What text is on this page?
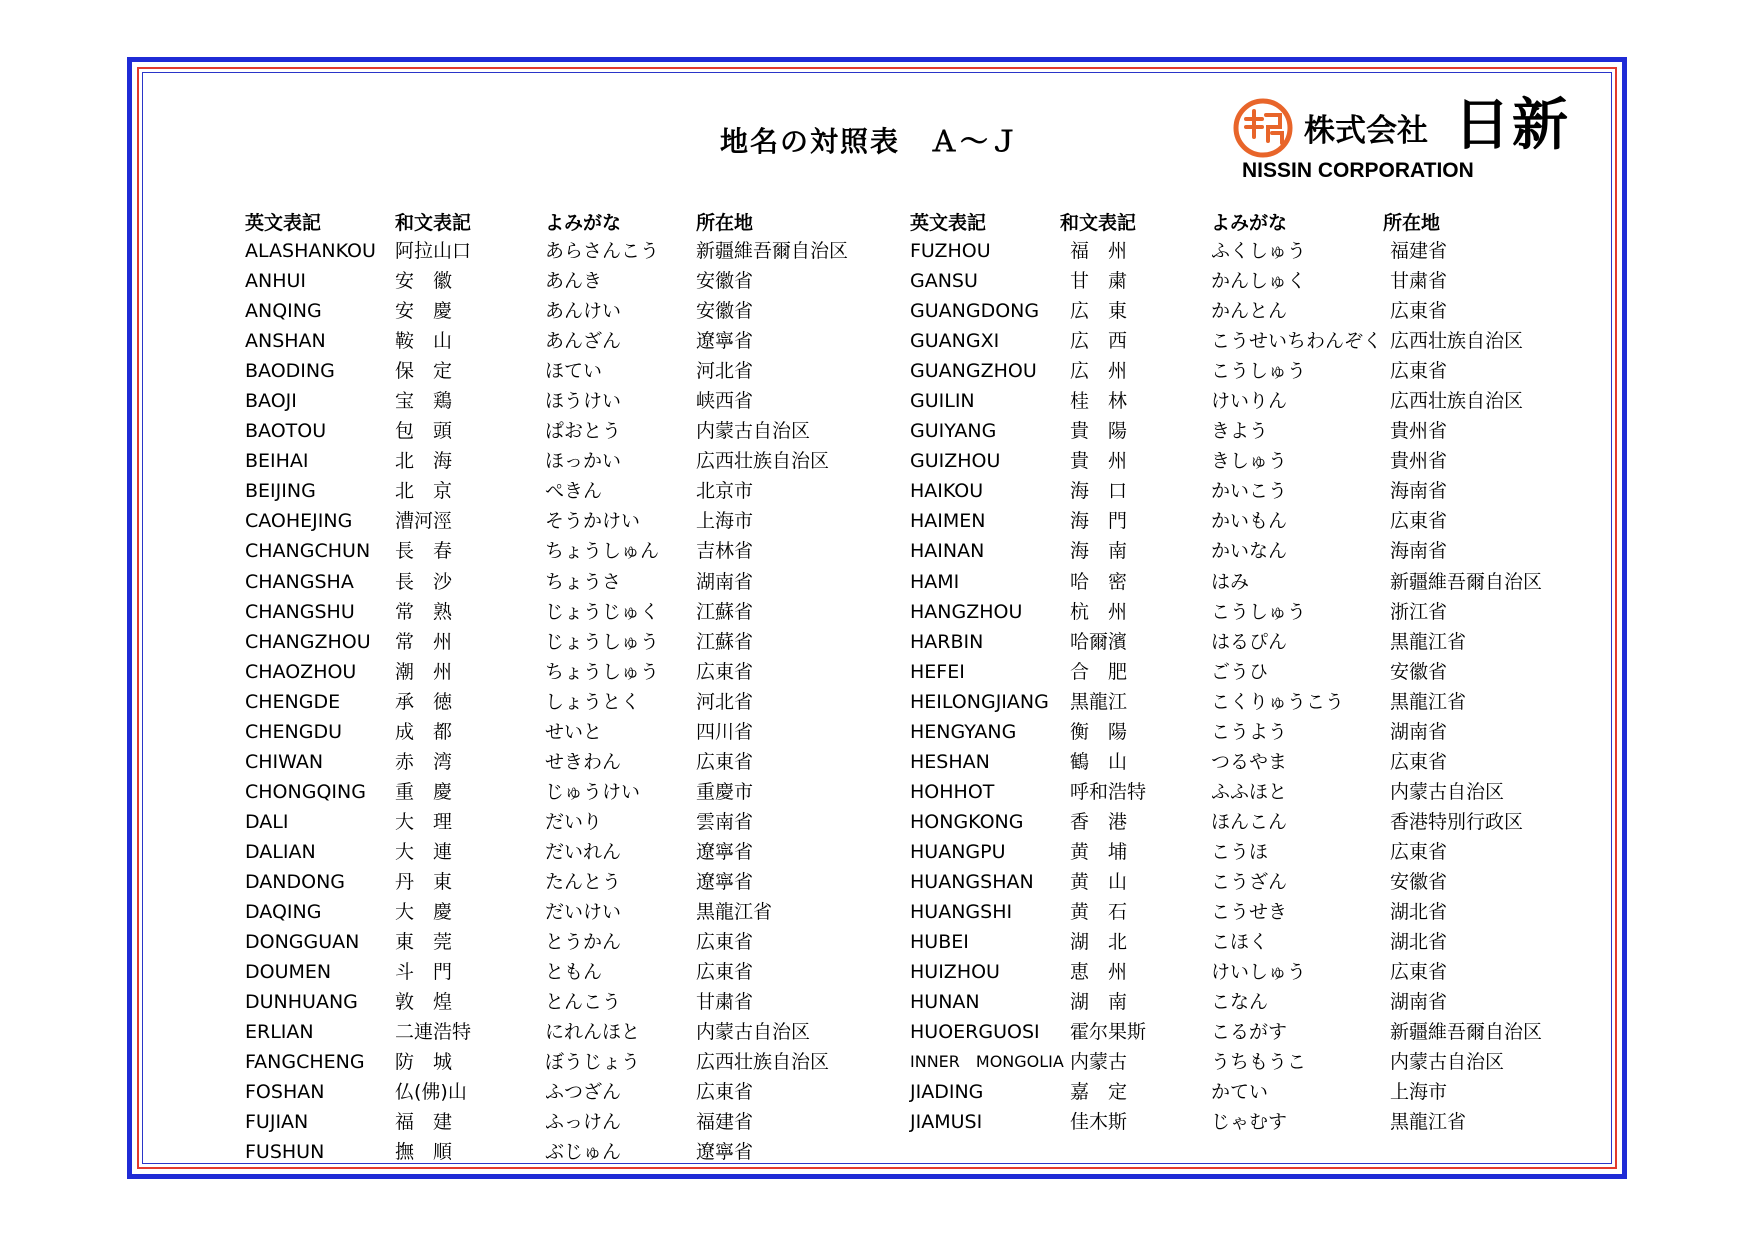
地名の対照表　Ａ～Ｊ	株式会社 日新
NISSIN CORPORATION
英文表記	和文表記	よみがな	所在地	英文表記	和文表記	よみがな	所在地
ALASHANKOU 阿拉山口	あらさんこう 新疆維吾爾自治区
ANHUI	安　徽	あんき	安徽省
ANQING	安　慶	あんけい	安徽省
ANSHAN	鞍　山	あんざん	遼寧省
BAODING	保　定	ほてい	河北省
BAOJI	宝　鶏	ほうけい	峡西省
BAOTOU	包　頭	ぱおとう	内蒙古自治区
BEIHAI	北　海	ほっかい	広西壮族自治区
BEIJING	北　京	ぺきん	北京市
CAOHEJING 漕河涇	そうかけい	上海市
CHANGCHUN 長　春	ちょうしゅん 吉林省
CHANGSHA 長　沙	ちょうさ	湖南省
CHANGSHU 常　熟	じょうじゅく 江蘇省
CHANGZHOU 常　州	じょうしゅう 江蘇省
CHAOZHOU 潮　州	ちょうしゅう 広東省
CHENGDE	承　徳	しょうとく	河北省
CHENGDU	成　都	せいと	四川省
CHIWAN	赤　湾	せきわん	広東省
CHONGQING 重　慶	じゅうけい	重慶市
DALI	大　理	だいり	雲南省
DALIAN	大　連	だいれん	遼寧省
DANDONG	丹　東	たんとう	遼寧省
DAQING	大　慶	だいけい	黒龍江省
DONGGUAN 東　莞	とうかん	広東省
DOUMEN	斗　門	ともん	広東省
DUNHUANG 敦　煌	とんこう	甘粛省
ERLIAN	二連浩特	にれんほと	内蒙古自治区
FANGCHENG 防　城	ぼうじょう	広西壮族自治区
FOSHAN	仏(佛)山	ふつざん	広東省
FUJIAN	福　建	ふっけん	福建省
FUSHUN	撫　順	ぶじゅん	遼寧省
FUZHOU	福　州	ふくしゅう	福建省
GANSU	甘　粛	かんしゅく	甘粛省
GUANGDONG 広　東	かんとん	広東省
GUANGXI	広　西	こうせいちわんぞく 広西壮族自治区
GUANGZHOU 広　州	こうしゅう	広東省
GUILIN	桂　林	けいりん	広西壮族自治区
GUIYANG	貴　陽	きよう	貴州省
GUIZHOU	貴　州	きしゅう	貴州省
HAIKOU	海　口	かいこう	海南省
HAIMEN	海　門	かいもん	広東省
HAINAN	海　南	かいなん	海南省
HAMI	哈　密	はみ	新疆維吾爾自治区
HANGZHOU	杭　州	こうしゅう	浙江省
HARBIN	哈爾濱	はるぴん	黒龍江省
HEFEI	合　肥	ごうひ	安徽省
HEILONGJIANG 黒龍江	こくりゅうこう 黒龍江省
HENGYANG	衡　陽	こうよう	湖南省
HESHAN	鶴　山	つるやま	広東省
HOHHOT	呼和浩特	ふふほと	内蒙古自治区
HONGKONG 香　港	ほんこん	香港特別行政区
HUANGPU	黄　埔	こうほ	広東省
HUANGSHAN 黄　山	こうざん	安徽省
HUANGSHI	黄　石	こうせき	湖北省
HUBEI	湖　北	こほく	湖北省
HUIZHOU	恵　州	けいしゅう	広東省
HUNAN	湖　南	こなん	湖南省
HUOERGUOSI 霍尔果斯	こるがす	新疆維吾爾自治区
INNER　MONGOLIA 内蒙古	うちもうこ	内蒙古自治区
JIADING	嘉　定	かてい	上海市
JIAMUSI	佳木斯	じゃむす	黒龍江省
